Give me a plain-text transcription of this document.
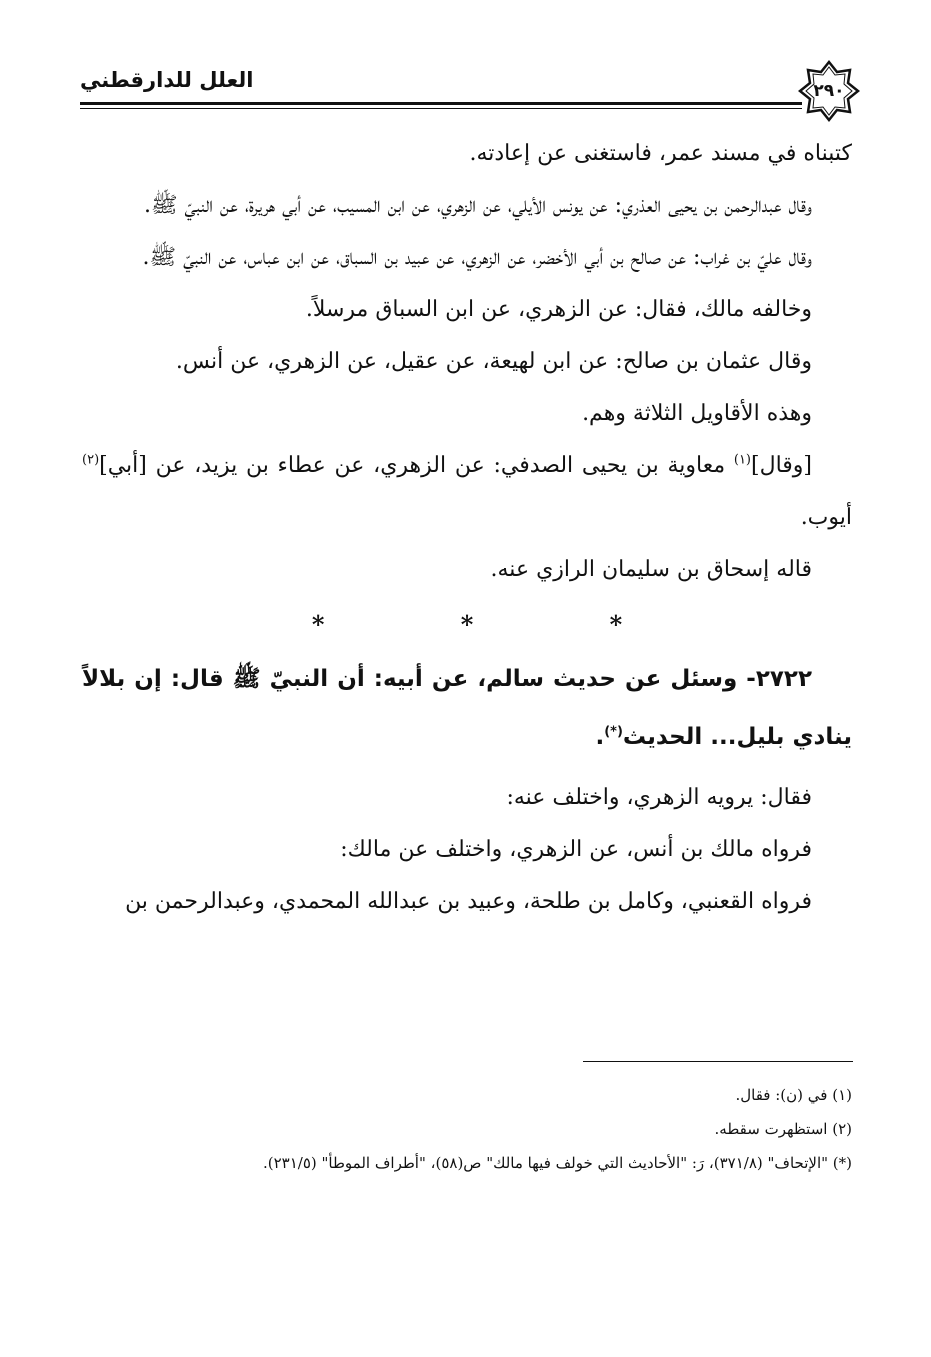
العلل للدارقطني	٢٩٠

كتبناه في مسند عمر، فاستغنى عن إعادته.

وقال عبدالرحمن بن يحيى العذري: عن يونس الأيلي، عن الزهري، عن ابن المسيب، عن أبي هريرة، عن النبيّ ﷺ.

وقال عليّ بن غراب: عن صالح بن أبي الأخضر، عن الزهري، عن عبيد بن السباق، عن ابن عباس، عن النبيّ ﷺ.

وخالفه مالك، فقال: عن الزهري، عن ابن السباق مرسلاً.

وقال عثمان بن صالح: عن ابن لهيعة، عن عقيل، عن الزهري، عن أنس.

وهذه الأقاويل الثلاثة وهم.

[وقال]$^{(١)}$ معاوية بن يحيى الصدفي: عن الزهري، عن عطاء بن يزيد، عن [أبي]$^{(٢)}$ أيوب.

قاله إسحاق بن سليمان الرازي عنه.

* * *

٢٧٢٢- وسئل عن حديث سالم، عن أبيه: أن النبيّ ﷺ قال: إن بلالاً ينادي بليل... الحديث(*).

فقال: يرويه الزهري، واختلف عنه:

فرواه مالك بن أنس، عن الزهري، واختلف عن مالك:

فرواه القعنبي، وكامل بن طلحة، وعبيد بن عبدالله المحمدي، وعبدالرحمن بن

(١) في (ن): فقال.

(٢) استظهرت سقطه.

(*) "الإتحاف" (٣٧١/٨)، رَ: "الأحاديث التي خولف فيها مالك" ص(٥٨)، "أطراف الموطأ" (٢٣١/٥).
